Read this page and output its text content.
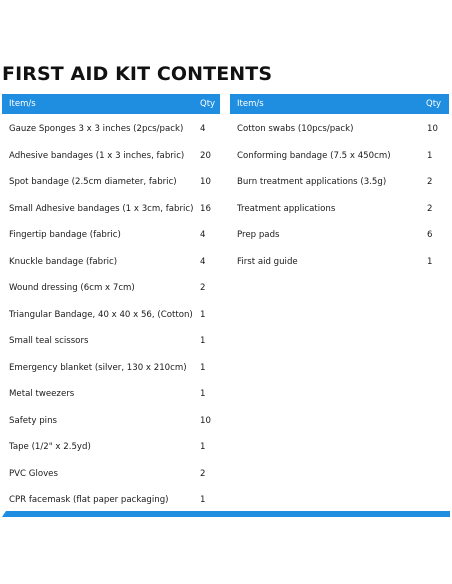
FIRST AID KIT CONTENTS
Item/s	Qty
Gauze Sponges 3 x 3 inches (2pcs/pack) 4
Adhesive bandages (1 x 3 inches, fabric) 20
Spot bandage (2.5cm diameter, fabric)	10
Small Adhesive bandages (1 x 3cm, fabric) 16
Fingertip bandage (fabric)	4
Knuckle bandage (fabric)	4
Wound dressing (6cm x 7cm)	2
Triangular Bandage, 40 x 40 x 56, (Cotton) 1
Small teal scissors	1
Emergency blanket (silver, 130 x 210cm) 1
Metal tweezers	1
Safety pins	10
Tape (1/2" x 2.5yd)	1
PVC Gloves	2
CPR facemask (flat paper packaging)	1
Item/s	Qty
Cotton swabs (10pcs/pack)	10
Conforming bandage (7.5 x 450cm)	1
Burn treatment applications (3.5g)	2
Treatment applications	2
Prep pads	6
First aid guide	1
